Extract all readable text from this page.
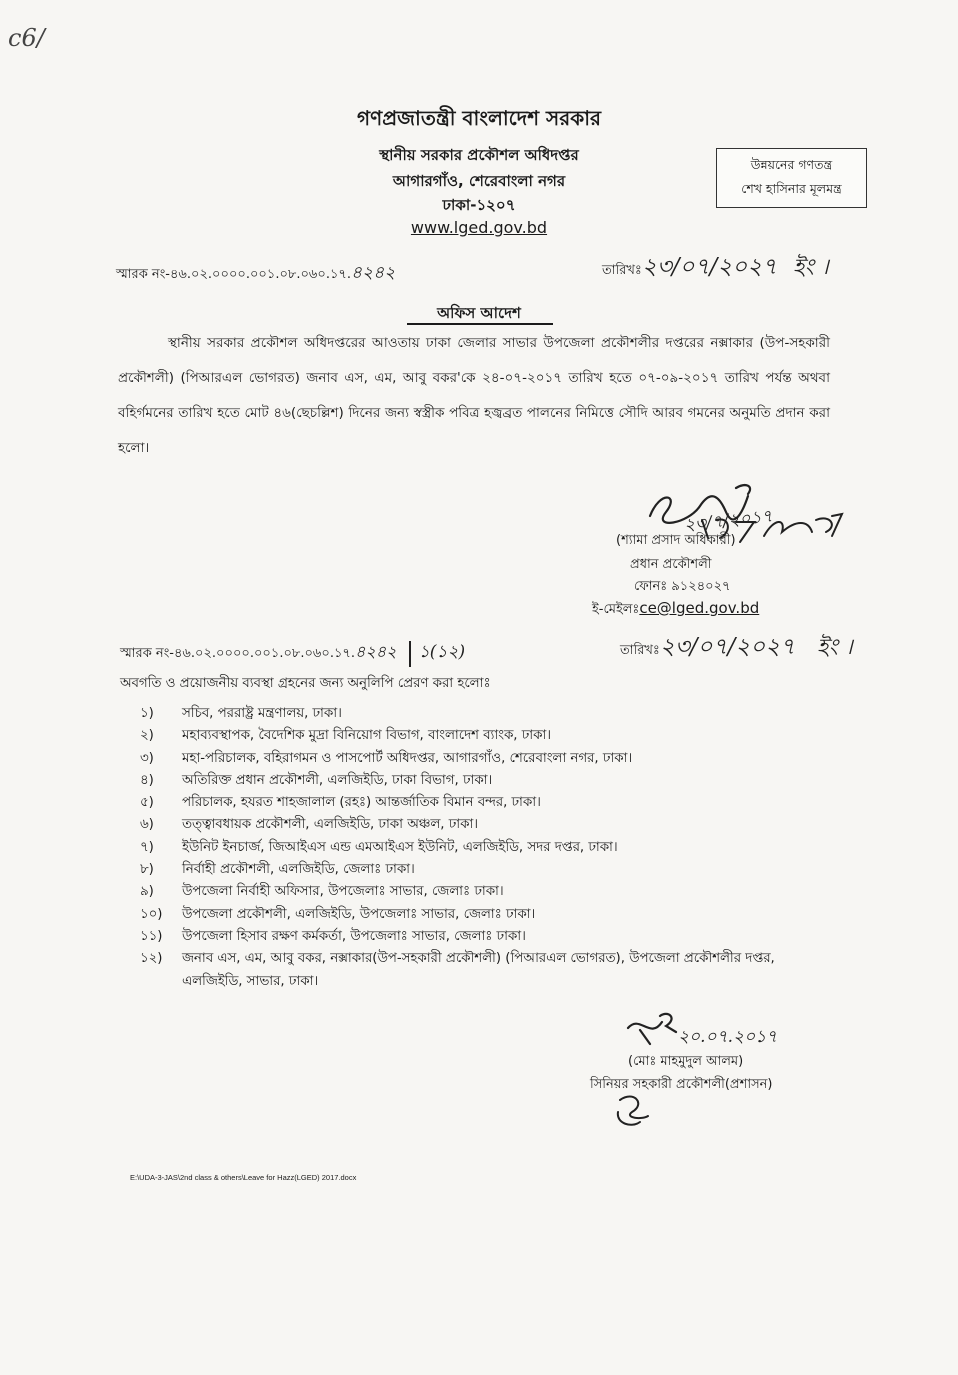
c6/
গণপ্রজাতন্ত্রী বাংলাদেশ সরকার
স্থানীয় সরকার প্রকৌশল অধিদপ্তর
আগারগাঁও, শেরেবাংলা নগর
ঢাকা-১২০৭
www.lged.gov.bd
উন্নয়নের গণতন্ত্র
শেখ হাসিনার মূলমন্ত্র
স্মারক নং-৪৬.০২.০০০০.০০১.০৮.০৬০.১৭.৪২৪২	তারিখঃ২৩/০৭/২০২৭ ইং ।
অফিস আদেশ
স্থানীয় সরকার প্রকৌশল অধিদপ্তরের আওতায় ঢাকা জেলার সাভার উপজেলা প্রকৌশলীর দপ্তরের নক্সাকার (উপ-সহকারী প্রকৌশলী) (পিআরএল ভোগরত) জনাব এস, এম, আবু বকর'কে ২৪-০৭-২০১৭ তারিখ হতে ০৭-০৯-২০১৭ তারিখ পর্যন্ত অথবা বহির্গমনের তারিখ হতে মোট ৪৬(ছেচল্লিশ) দিনের জন্য স্বস্ত্রীক পবিত্র হজ্বব্রত পালনের নিমিত্তে সৌদি আরব গমনের অনুমতি প্রদান করা হলো।
(শ্যামা প্রসাদ অধিকারী)
প্রধান প্রকৌশলী
ফোনঃ ৯১২৪০২৭
ই-মেইলঃce@lged.gov.bd
২৩/৭/২০১৭
স্মারক নং-৪৬.০২.০০০০.০০১.০৮.০৬০.১৭.৪২৪২ ১(১২)	তারিখঃ২৩/০৭/২০২৭ ইং ।
অবগতি ও প্রয়োজনীয় ব্যবস্থা গ্রহনের জন্য অনুলিপি প্রেরণ করা হলোঃ
১)	সচিব, পররাষ্ট্র মন্ত্রণালয়, ঢাকা।
২)	মহাব্যবস্থাপক, বৈদেশিক মুদ্রা বিনিয়োগ বিভাগ, বাংলাদেশ ব্যাংক, ঢাকা।
৩)	মহা-পরিচালক, বহিরাগমন ও পাসপোর্ট অধিদপ্তর, আগারগাঁও, শেরেবাংলা নগর, ঢাকা।
৪)	অতিরিক্ত প্রধান প্রকৌশলী, এলজিইডি, ঢাকা বিভাগ, ঢাকা।
৫)	পরিচালক, হযরত শাহজালাল (রহঃ) আন্তর্জাতিক বিমান বন্দর, ঢাকা।
৬)	তত্ত্বাবধায়ক প্রকৌশলী, এলজিইডি, ঢাকা অঞ্চল, ঢাকা।
৭)	ইউনিট ইনচার্জ, জিআইএস এন্ড এমআইএস ইউনিট, এলজিইডি, সদর দপ্তর, ঢাকা।
৮)	নির্বাহী প্রকৌশলী, এলজিইডি, জেলাঃ ঢাকা।
৯)	উপজেলা নির্বাহী অফিসার, উপজেলাঃ সাভার, জেলাঃ ঢাকা।
১০)	উপজেলা প্রকৌশলী, এলজিইডি, উপজেলাঃ সাভার, জেলাঃ ঢাকা।
১১)	উপজেলা হিসাব রক্ষণ কর্মকর্তা, উপজেলাঃ সাভার, জেলাঃ ঢাকা।
১২)	জনাব এস, এম, আবু বকর, নক্সাকার(উপ-সহকারী প্রকৌশলী) (পিআরএল ভোগরত), উপজেলা প্রকৌশলীর দপ্তর, এলজিইডি, সাভার, ঢাকা।
২০.০৭.২০১৭
(মোঃ মাহমুদুল আলম)
সিনিয়র সহকারী প্রকৌশলী(প্রশাসন)
E:\UDA-3-JAS\2nd class & others\Leave for Hazz(LGED) 2017.docx
